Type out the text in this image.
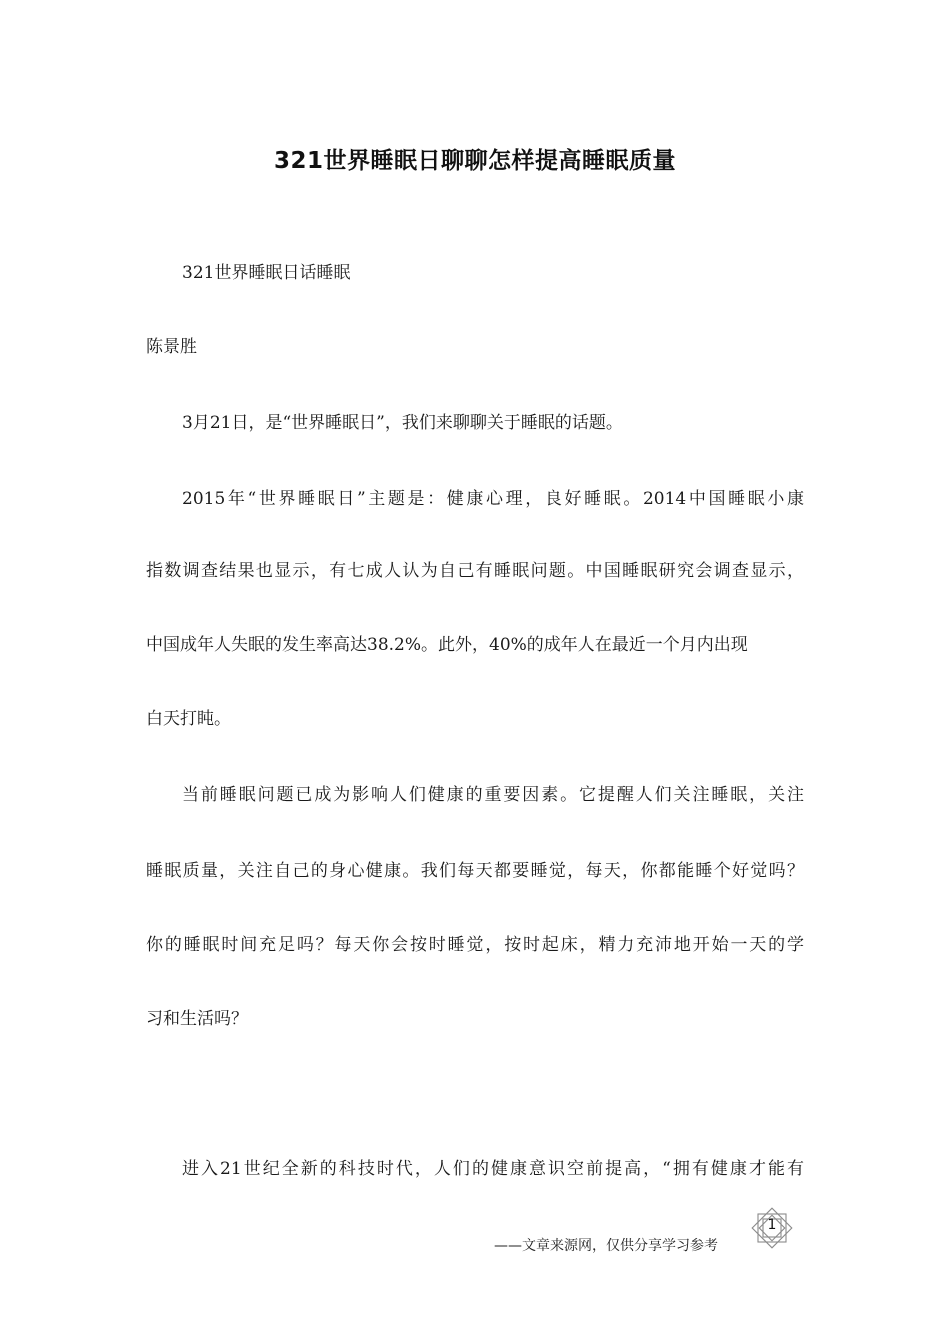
321世界睡眠日聊聊怎样提高睡眠质量
321世界睡眠日话睡眠
陈景胜
3月21日，是“世界睡眠日”，我们来聊聊关于睡眠的话题。
2015年“世界睡眠日”主题是：健康心理，良好睡眠。2014中国睡眠小康
指数调查结果也显示，有七成人认为自己有睡眠问题。中国睡眠研究会调查显示，
中国成年人失眠的发生率高达38.2%。此外，40%的成年人在最近一个月内出现
白天打盹。
当前睡眠问题已成为影响人们健康的重要因素。它提醒人们关注睡眠，关注
睡眠质量，关注自己的身心健康。我们每天都要睡觉，每天，你都能睡个好觉吗？
你的睡眠时间充足吗？每天你会按时睡觉，按时起床，精力充沛地开始一天的学
习和生活吗？
进入21世纪全新的科技时代，人们的健康意识空前提高，“拥有健康才能有
——文章来源网，仅供分享学习参考
1
